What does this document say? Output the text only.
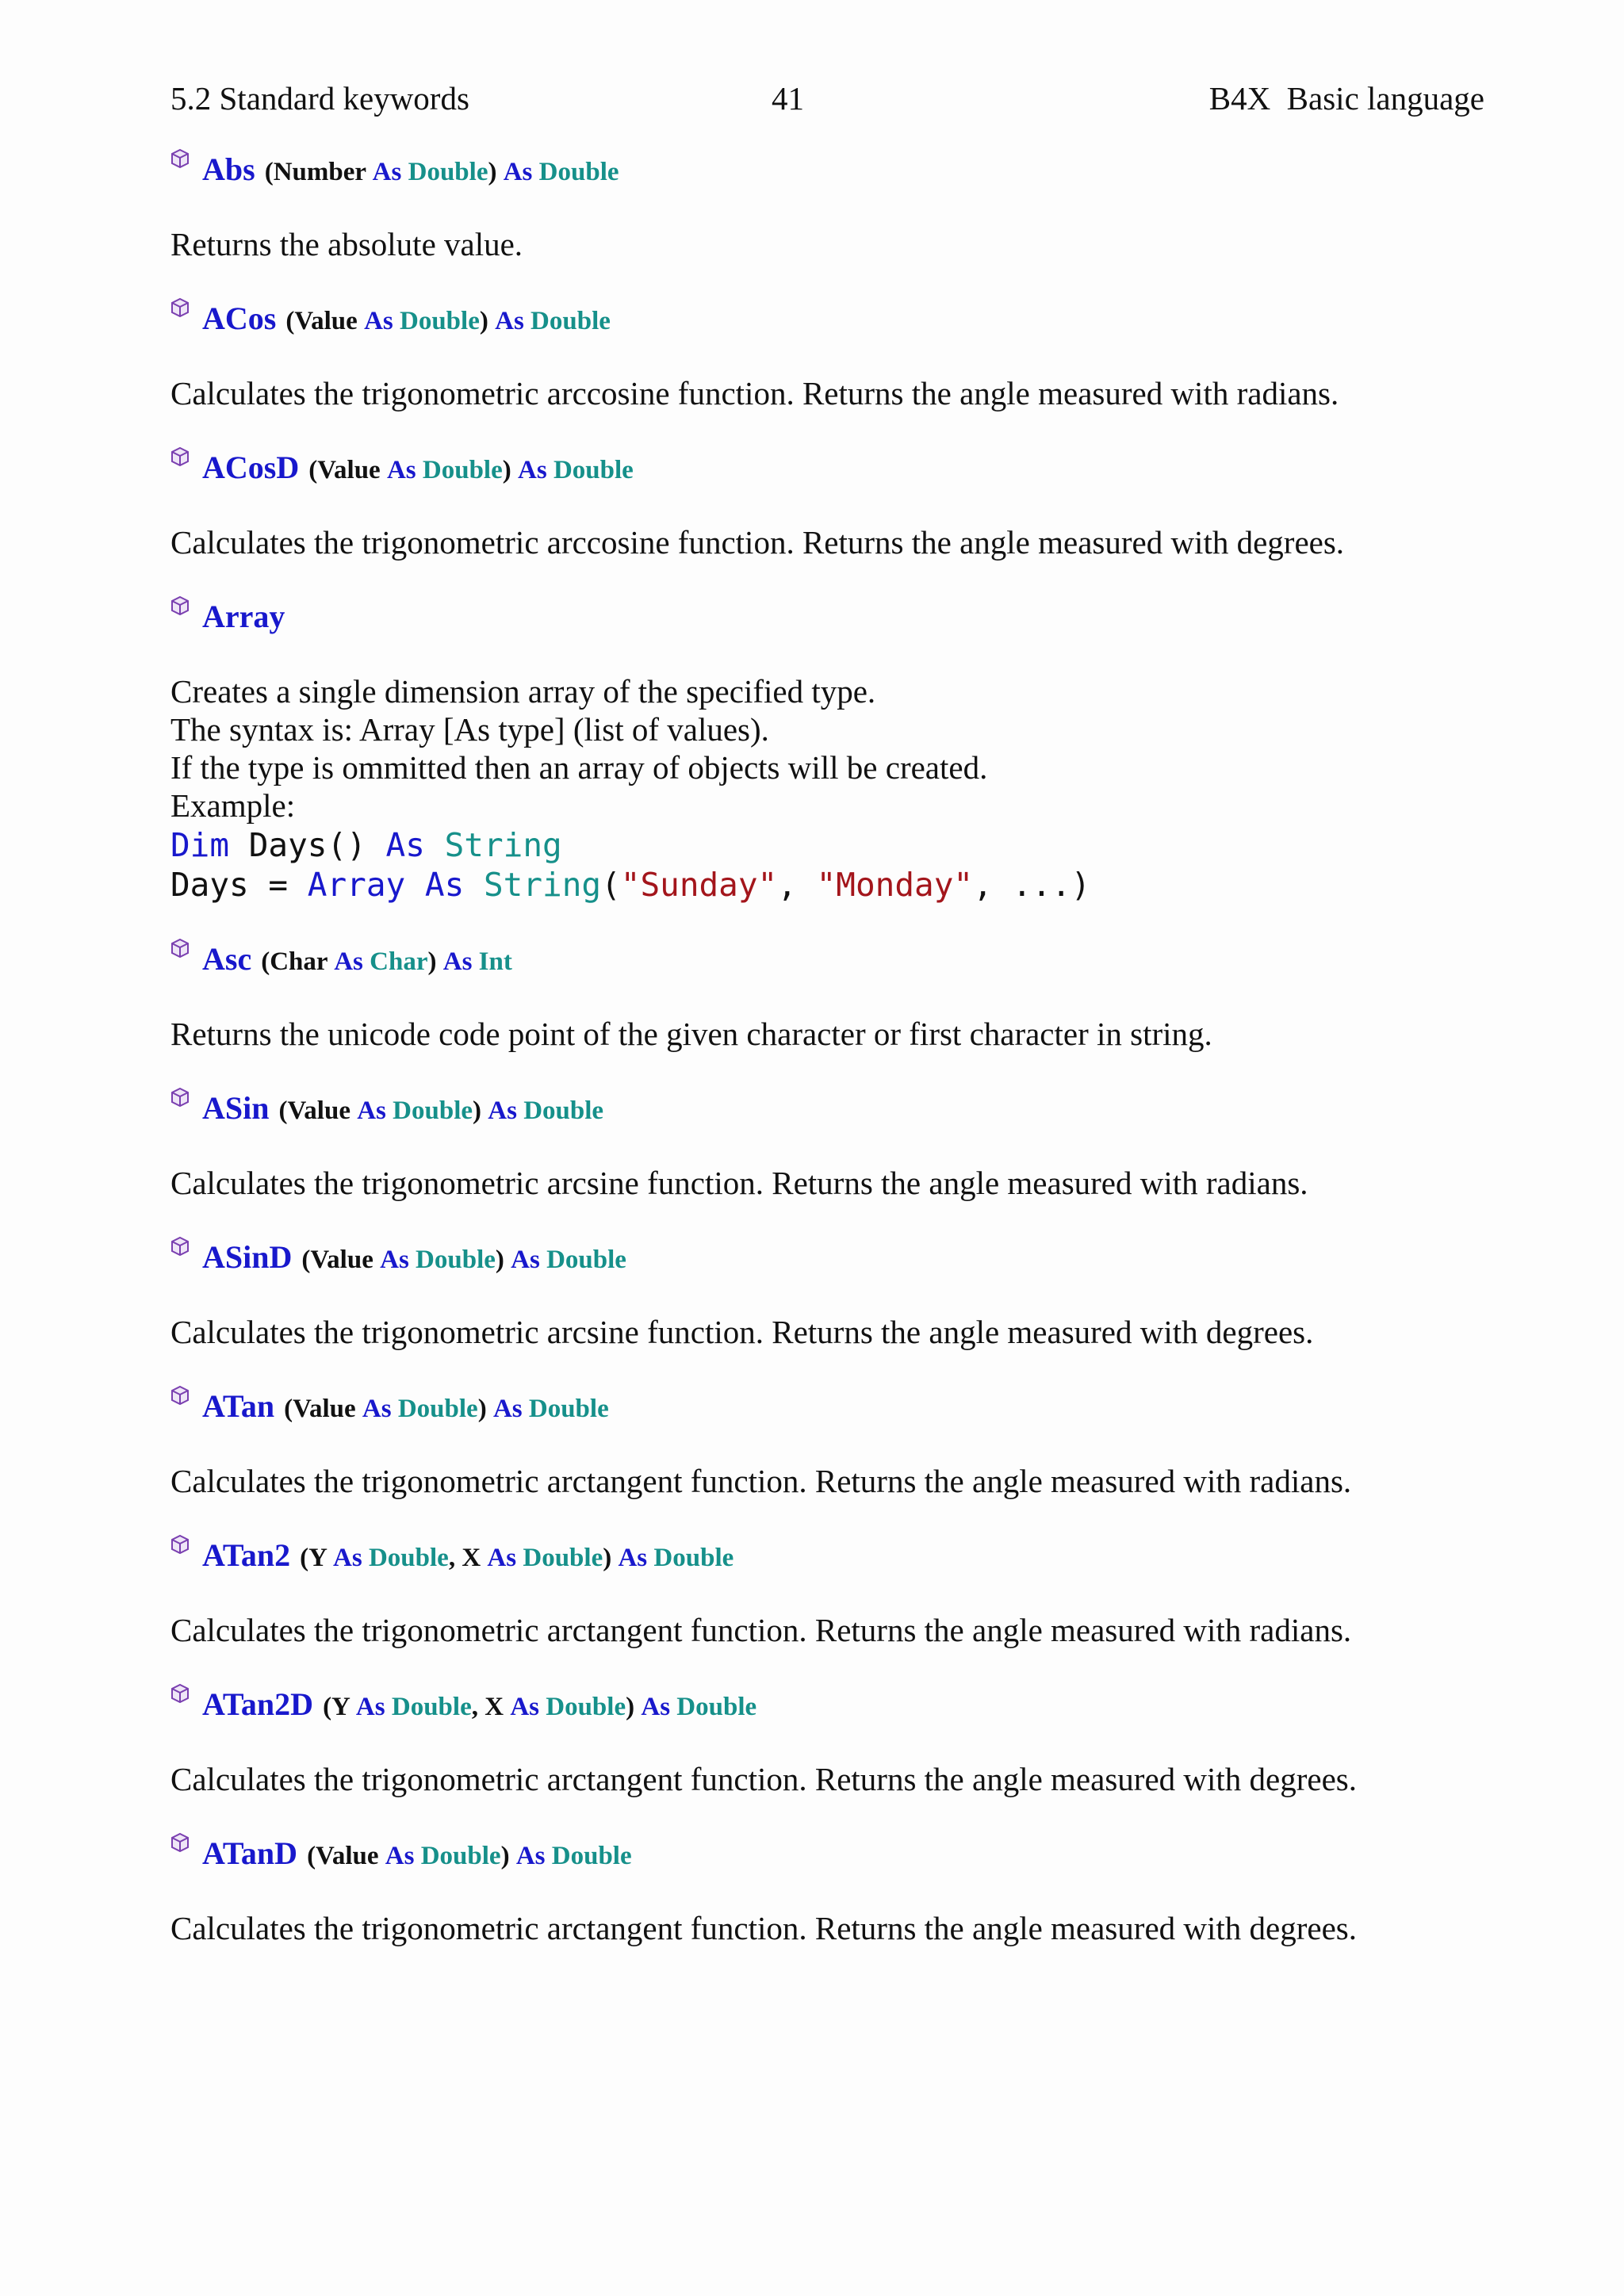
5.2 Standard keywords	41	B4X  Basic language
Abs (Number As Double ) As Double
Returns the absolute value.
ACos (Value As Double ) As Double
Calculates the trigonometric arccosine function. Returns the angle measured with radians.
ACosD (Value As Double ) As Double
Calculates the trigonometric arccosine function. Returns the angle measured with degrees.
Array
Creates a single dimension array of the specified type.
The syntax is: Array [As type] (list of values).
If the type is ommitted then an array of objects will be created.
Example:
Dim Days() As String
Days = Array As String("Sunday", "Monday", ...)
Asc (Char As Char ) As Int
Returns the unicode code point of the given character or first character in string.
ASin (Value As Double ) As Double
Calculates the trigonometric arcsine function. Returns the angle measured with radians.
ASinD (Value As Double ) As Double
Calculates the trigonometric arcsine function. Returns the angle measured with degrees.
ATan (Value As Double ) As Double
Calculates the trigonometric arctangent function. Returns the angle measured with radians.
ATan2 (Y As Double , X As Double ) As Double
Calculates the trigonometric arctangent function. Returns the angle measured with radians.
ATan2D (Y As Double , X As Double ) As Double
Calculates the trigonometric arctangent function. Returns the angle measured with degrees.
ATanD (Value As Double ) As Double
Calculates the trigonometric arctangent function. Returns the angle measured with degrees.
